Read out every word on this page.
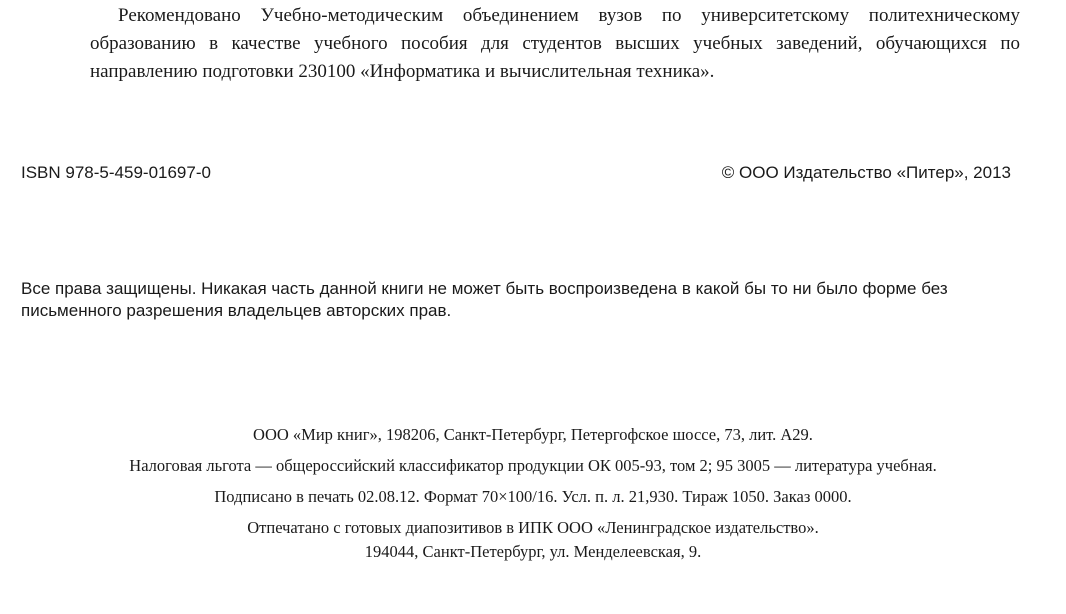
Рекомендовано Учебно-методическим объединением вузов по университетскому политехническому образованию в качестве учебного пособия для студентов высших учебных заведений, обучающихся по направлению подготовки 230100 «Информатика и вычислительная техника».

ISBN 978-5-459-01697-0	© ООО Издательство «Питер», 2013

Все права защищены. Никакая часть данной книги не может быть воспроизведена в какой бы то ни было форме без письменного разрешения владельцев авторских прав.

ООО «Мир книг», 198206, Санкт-Петербург, Петергофское шоссе, 73, лит. А29.

Налоговая льгота — общероссийский классификатор продукции ОК 005-93, том 2; 95 3005 — литература учебная.

Подписано в печать 02.08.12. Формат 70×100/16. Усл. п. л. 21,930. Тираж 1050. Заказ 0000.

Отпечатано с готовых диапозитивов в ИПК ООО «Ленинградское издательство».

194044, Санкт-Петербург, ул. Менделеевская, 9.
